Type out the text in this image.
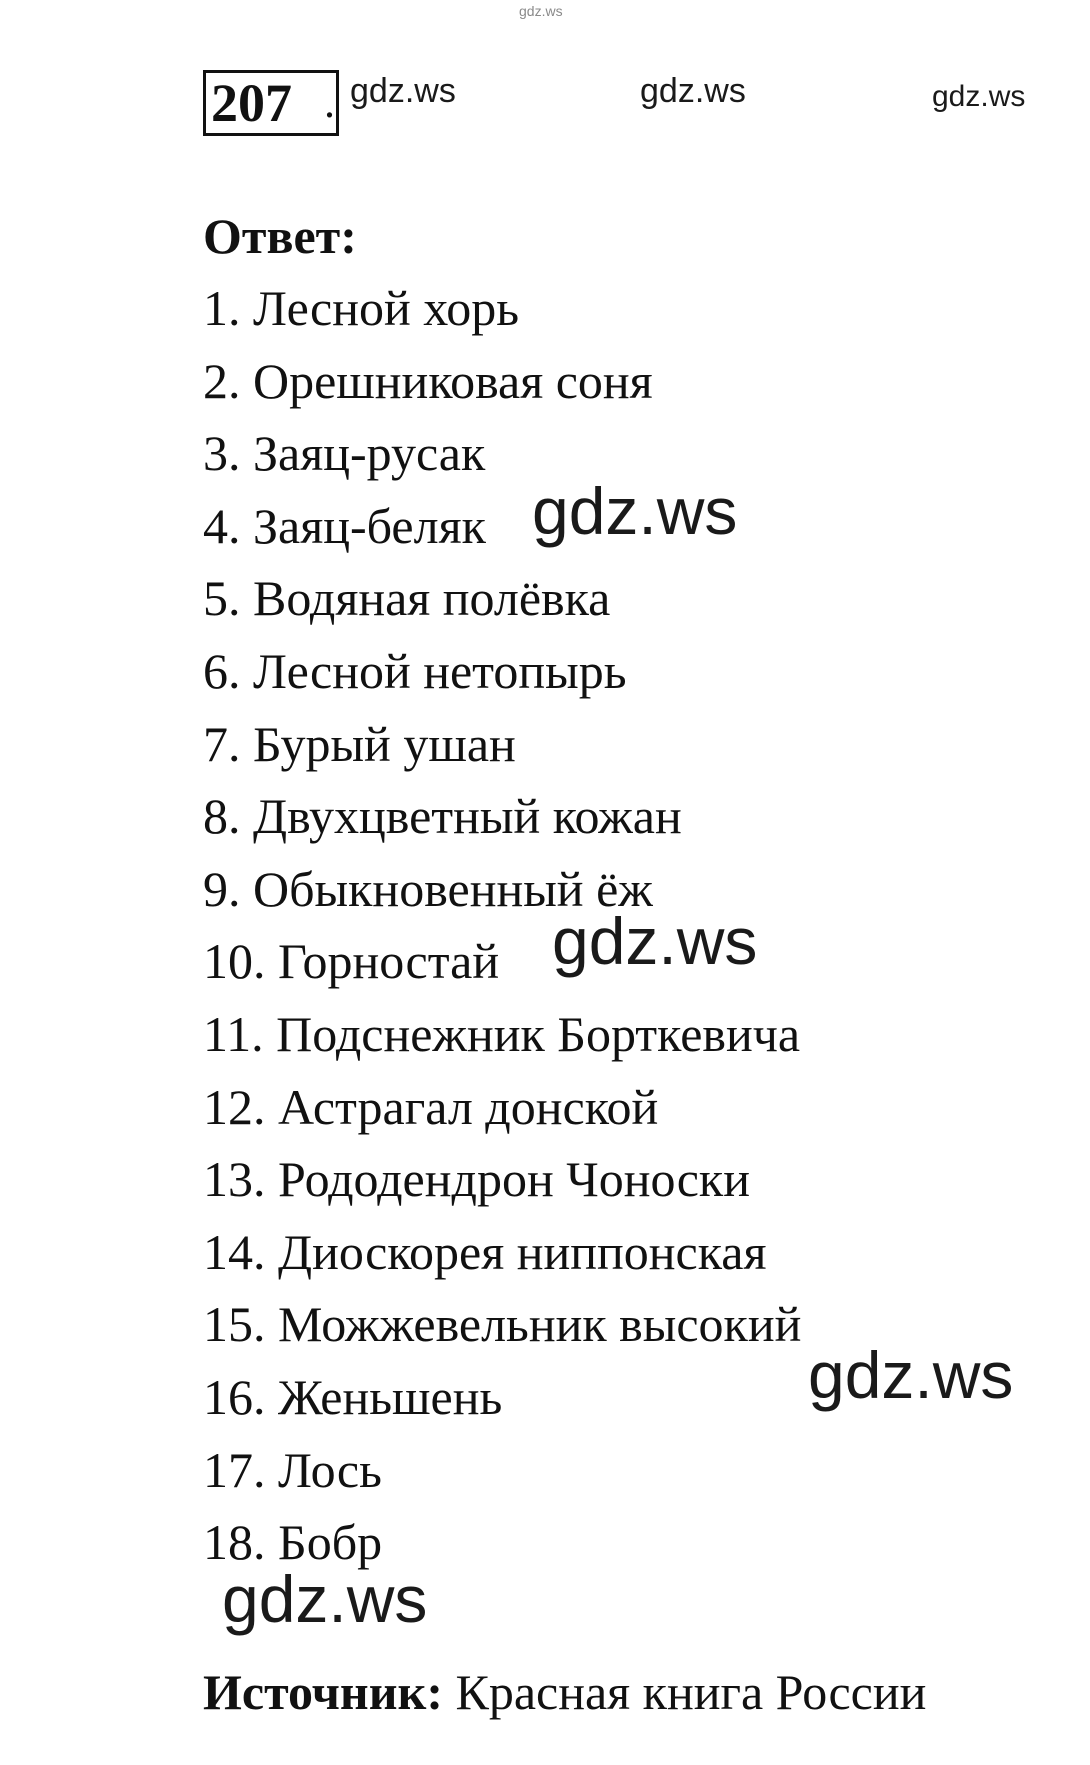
gdz.ws
207 . gdz.ws	gdz.ws	gdz.ws
Ответ:
1. Лесной хорь
2. Орешниковая соня
3. Заяц-русак
4. Заяц-беляк
5. Водяная полёвка
6. Лесной нетопырь
7. Бурый ушан
8. Двухцветный кожан
9. Обыкновенный ёж
10. Горностай
11. Подснежник Борткевича
12. Астрагал донской
13. Рододендрон Чоноски
14. Диоскорея ниппонская
15. Можжевельник высокий
16. Женьшень
17. Лось
18. Бобр
gdz.ws
gdz.ws
gdz.ws
gdz.ws
Источник: Красная книга России
